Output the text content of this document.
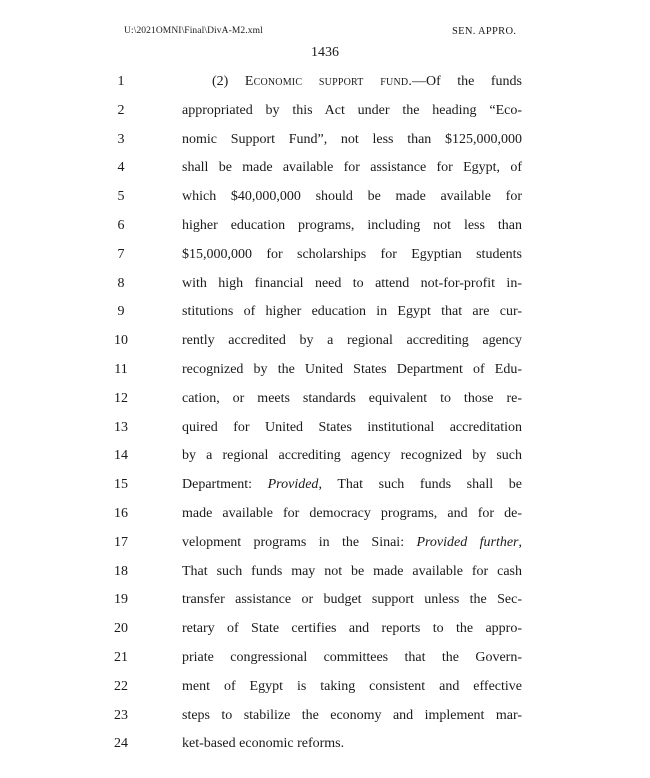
U:\2021OMNI\Final\DivA-M2.xml	SEN. APPRO.
1436
1	(2) Economic support fund.—Of the funds
2	appropriated by this Act under the heading “Eco-
3	nomic Support Fund”, not less than $125,000,000
4	shall be made available for assistance for Egypt, of
5	which $40,000,000 should be made available for
6	higher education programs, including not less than
7	$15,000,000 for scholarships for Egyptian students
8	with high financial need to attend not-for-profit in-
9	stitutions of higher education in Egypt that are cur-
10	rently accredited by a regional accrediting agency
11	recognized by the United States Department of Edu-
12	cation, or meets standards equivalent to those re-
13	quired for United States institutional accreditation
14	by a regional accrediting agency recognized by such
15	Department: Provided, That such funds shall be
16	made available for democracy programs, and for de-
17	velopment programs in the Sinai: Provided further,
18	That such funds may not be made available for cash
19	transfer assistance or budget support unless the Sec-
20	retary of State certifies and reports to the appro-
21	priate congressional committees that the Govern-
22	ment of Egypt is taking consistent and effective
23	steps to stabilize the economy and implement mar-
24	ket-based economic reforms.
